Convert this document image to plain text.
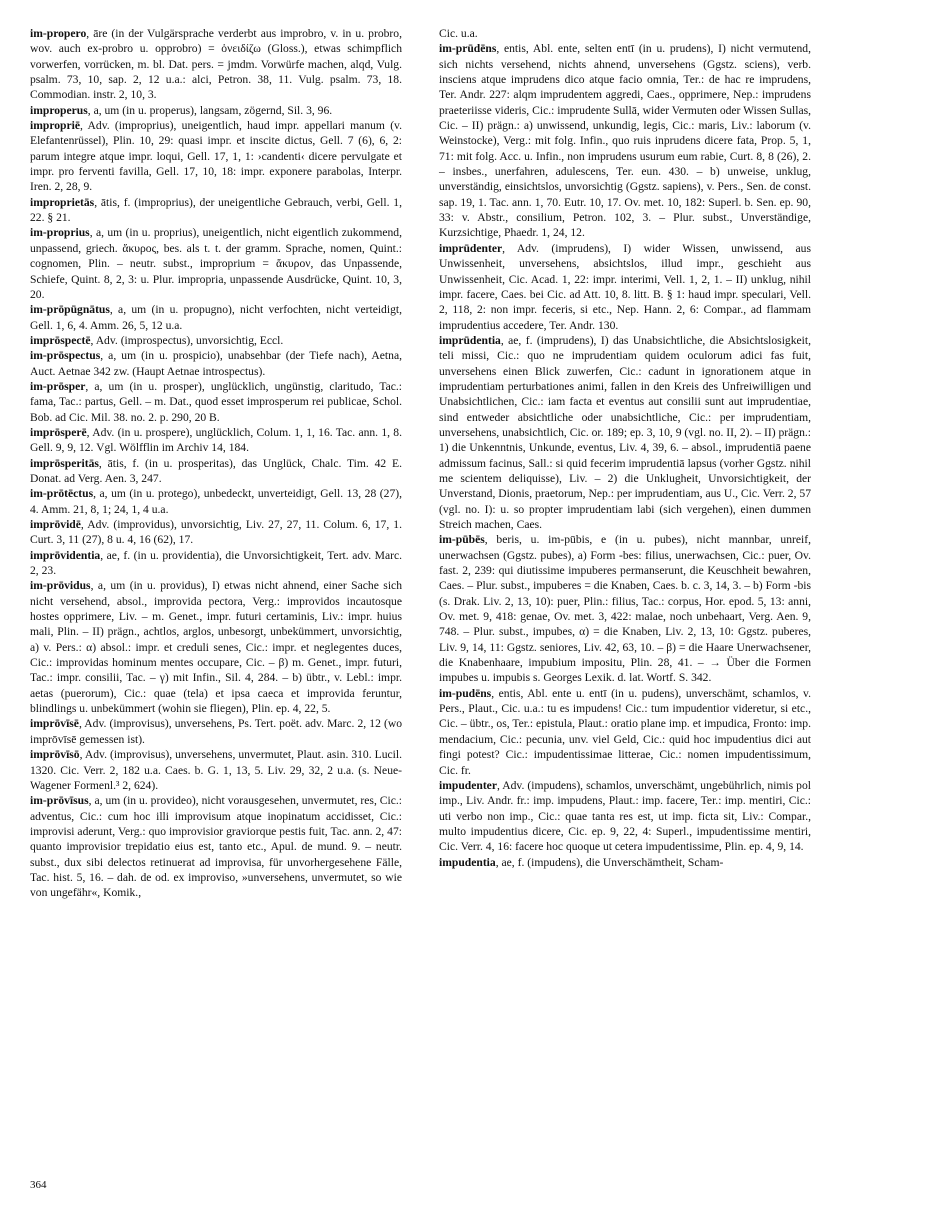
im-propero, āre (in der Vulgärsprache verderbt aus improbro, v. in u. probro, wov. auch ex-probro u. opprobro) = ὀνειδίζω (Gloss.), etwas schimpflich vorwerfen, vorrücken, m. bl. Dat. pers. = jmdm. Vorwürfe machen, alqd, Vulg. psalm. 73, 10, sap. 2, 12 u.a.: alci, Petron. 38, 11. Vulg. psalm. 73, 18. Commodian. instr. 2, 10, 3.

improperus, a, um (in u. properus), langsam, zögernd, Sil. 3, 96.

impropriē, Adv. (improprius), uneigentlich, haud impr. appellari manum (v. Elefantenrüssel), Plin. 10, 29: quasi impr. et inscite dictus, Gell. 7 (6), 6, 2: parum integre atque impr. loqui, Gell. 17, 1, 1: ›candenti‹ dicere pervulgate et impr. pro ferventi favilla, Gell. 17, 10, 18: impr. exponere parabolas, Interpr. Iren. 2, 28, 9.

improprietās, ātis, f. (improprius), der uneigentliche Gebrauch, verbi, Gell. 1, 22. § 21.

im-proprius, a, um (in u. proprius), uneigentlich, nicht eigentlich zukommend, unpassend, griech. ἄκυρος, bes. als t. t. der gramm. Sprache, nomen, Quint.: cognomen, Plin. – neutr. subst., improprium = ἄκυρον, das Unpassende, Schiefe, Quint. 8, 2, 3: u. Plur. impropria, unpassende Ausdrücke, Quint. 10, 3, 20.

im-prōpūgnātus, a, um (in u. propugno), nicht verfochten, nicht verteidigt, Gell. 1, 6, 4. Amm. 26, 5, 12 u.a.

imprōspectē, Adv. (improspectus), unvorsichtig, Eccl.

im-prōspectus, a, um (in u. prospicio), unabsehbar (der Tiefe nach), Aetna, Auct. Aetnae 342 zw. (Haupt Aetnae introspectus).

im-prōsper, a, um (in u. prosper), unglücklich, ungünstig, claritudo, Tac.: fama, Tac.: partus, Gell. – m. Dat., quod esset improsperum rei publicae, Schol. Bob. ad Cic. Mil. 38. no. 2. p. 290, 20 B.

imprōsperē, Adv. (in u. prospere), unglücklich, Colum. 1, 1, 16. Tac. ann. 1, 8. Gell. 9, 9, 12. Vgl. Wölfflin im Archiv 14, 184.

imprōsperitās, ātis, f. (in u. prosperitas), das Unglück, Chalc. Tim. 42 E. Donat. ad Verg. Aen. 3, 247.

im-prōtēctus, a, um (in u. protego), unbedeckt, unverteidigt, Gell. 13, 28 (27), 4. Amm. 21, 8, 1; 24, 1, 4 u.a.

imprōvidē, Adv. (improvidus), unvorsichtig, Liv. 27, 27, 11. Colum. 6, 17, 1. Curt. 3, 11 (27), 8 u. 4, 16 (62), 17.

imprōvidentia, ae, f. (in u. providentia), die Unvorsichtigkeit, Tert. adv. Marc. 2, 23.

im-prōvidus, a, um (in u. providus), I) etwas nicht ahnend, einer Sache sich nicht versehend, absol., improvida pectora, Verg.: improvidos incautosque hostes opprimere, Liv. – m. Genet., impr. futuri certaminis, Liv.: impr. huius mali, Plin. – II) prägn., achtlos, arglos, unbesorgt, unbekümmert, unvorsichtig, a) v. Pers.: α) absol.: impr. et creduli senes, Cic.: impr. et neglegentes duces, Cic.: improvidas hominum mentes occupare, Cic. – β) m. Genet., impr. futuri, Tac.: impr. consilii, Tac. – γ) mit Infin., Sil. 4, 284. – b) übtr., v. Lebl.: impr. aetas (puerorum), Cic.: quae (tela) et ipsa caeca et improvida feruntur, blindlings u. unbekümmert (wohin sie fliegen), Plin. ep. 4, 22, 5.

imprōvīsē, Adv. (improvisus), unversehens, Ps. Tert. poët. adv. Marc. 2, 12 (wo imprōvīsē gemessen ist).

imprōvīsō, Adv. (improvisus), unversehens, unvermutet, Plaut. asin. 310. Lucil. 1320. Cic. Verr. 2, 182 u.a. Caes. b. G. 1, 13, 5. Liv. 29, 32, 2 u.a. (s. Neue-Wagener Formenl.³ 2, 624).

im-prōvīsus, a, um (in u. provideo), nicht vorausgesehen, unvermutet, res, Cic.: adventus, Cic.: cum hoc illi improvisum atque inopinatum accidisset, Cic.: improvisi aderunt, Verg.: quo improvisior graviorque pestis fuit, Tac. ann. 2, 47: quanto improvisior trepidatio eius est, tanto etc., Apul. de mund. 9. – neutr. subst., dux sibi delectos retinuerat ad improvisa, für unvorhergesehene Fälle, Tac. hist. 5, 16. – dah. de od. ex improviso, »unversehens, unvermutet, so wie von ungefähr«, Komik.,

Cic. u.a.

im-prūdēns, entis, Abl. ente, selten entī (in u. prudens), I) nicht vermutend, sich nichts versehend, nichts ahnend, unversehens (Ggstz. sciens), verb. insciens atque imprudens dico atque facio omnia, Ter.: de hac re imprudens, Ter. Andr. 227: alqm imprudentem aggredi, Caes., opprimere, Nep.: imprudens praeteriisse videris, Cic.: imprudente Sullā, wider Vermuten oder Wissen Sullas, Cic. – II) prägn.: a) unwissend, unkundig, legis, Cic.: maris, Liv.: laborum (v. Weinstocke), Verg.: mit folg. Infin., quo ruis inprudens dicere fata, Prop. 5, 1, 71: mit folg. Acc. u. Infin., non imprudens usurum eum rabie, Curt. 8, 8 (26), 2. – insbes., unerfahren, adulescens, Ter. eun. 430. – b) unweise, unklug, unverständig, einsichtslos, unvorsichtig (Ggstz. sapiens), v. Pers., Sen. de const. sap. 19, 1. Tac. ann. 1, 70. Eutr. 10, 17. Ov. met. 10, 182: Superl. b. Sen. ep. 90, 33: v. Abstr., consilium, Petron. 102, 3. – Plur. subst., Unverständige, Kurzsichtige, Phaedr. 1, 24, 12.

imprūdenter, Adv. (imprudens), I) wider Wissen, unwissend, aus Unwissenheit, unversehens, absichtslos, illud impr., geschieht aus Unwissenheit, Cic. Acad. 1, 22: impr. interimi, Vell. 1, 2, 1. – II) unklug, nihil impr. facere, Caes. bei Cic. ad Att. 10, 8. litt. B. § 1: haud impr. speculari, Vell. 2, 118, 2: non impr. feceris, si etc., Nep. Hann. 2, 6: Compar., ad flammam imprudentius accedere, Ter. Andr. 130.

imprūdentia, ae, f. (imprudens), I) das Unabsichtliche, die Absichtslosigkeit, teli missi, Cic.: quo ne imprudentiam quidem oculorum adici fas fuit, unversehens einen Blick zuwerfen, Cic.: cadunt in ignorationem atque in imprudentiam perturbationes animi, fallen in den Kreis des Unfreiwilligen und Unabsichtlichen, Cic.: iam facta et eventus aut consilii sunt aut imprudentiae, sind entweder absichtliche oder unabsichtliche, Cic.: per imprudentiam, unversehens, unabsichtlich, Cic. or. 189; ep. 3, 10, 9 (vgl. no. II, 2). – II) prägn.: 1) die Unkenntnis, Unkunde, eventus, Liv. 4, 39, 6. – absol., imprudentiā paene admissum facinus, Sall.: si quid fecerim imprudentiā lapsus (vorher Ggstz. nihil me scientem deliquisse), Liv. – 2) die Unklugheit, Unvorsichtigkeit, der Unverstand, Dionis, praetorum, Nep.: per imprudentiam, aus U., Cic. Verr. 2, 57 (vgl. no. I): u. so propter imprudentiam labi (sich vergehen), einen dummen Streich machen, Caes.

im-pūbēs, beris, u. im-pūbis, e (in u. pubes), nicht mannbar, unreif, unerwachsen (Ggstz. pubes), a) Form -bes: filius, unerwachsen, Cic.: puer, Ov. fast. 2, 239: qui diutissime impuberes permanserunt, die Keuschheit bewahren, Caes. – Plur. subst., impuberes = die Knaben, Caes. b. c. 3, 14, 3. – b) Form -bis (s. Drak. Liv. 2, 13, 10): puer, Plin.: filius, Tac.: corpus, Hor. epod. 5, 13: anni, Ov. met. 9, 418: genae, Ov. met. 3, 422: malae, noch unbehaart, Verg. Aen. 9, 748. – Plur. subst., impubes, α) = die Knaben, Liv. 2, 13, 10: Ggstz. puberes, Liv. 9, 14, 11: Ggstz. seniores, Liv. 42, 63, 10. – β) = die Haare Unerwachsener, die Knabenhaare, impubium impositu, Plin. 28, 41. – → Über die Formen impubes u. impubis s. Georges Lexik. d. lat. Wortf. S. 342.

im-pudēns, entis, Abl. ente u. entī (in u. pudens), unverschämt, schamlos, v. Pers., Plaut., Cic. u.a.: tu es impudens! Cic.: tum impudentior videretur, si etc., Cic. – übtr., os, Ter.: epistula, Plaut.: oratio plane imp. et impudica, Fronto: imp. mendacium, Cic.: pecunia, unv. viel Geld, Cic.: quid hoc impudentius dici aut fingi potest? Cic.: impudentissimae litterae, Cic.: nomen impudentissimum, Cic. fr.

impudenter, Adv. (impudens), schamlos, unverschämt, ungebührlich, nimis pol imp., Liv. Andr. fr.: imp. impudens, Plaut.: imp. facere, Ter.: imp. mentiri, Cic.: uti verbo non imp., Cic.: quae tanta res est, ut imp. ficta sit, Liv.: Compar., multo impudentius dicere, Cic. ep. 9, 22, 4: Superl., impudentissime mentiri, Cic. Verr. 4, 16: facere hoc quoque ut cetera impudentissime, Plin. ep. 4, 9, 14.

impudentia, ae, f. (impudens), die Unverschämtheit, Scham-

364
